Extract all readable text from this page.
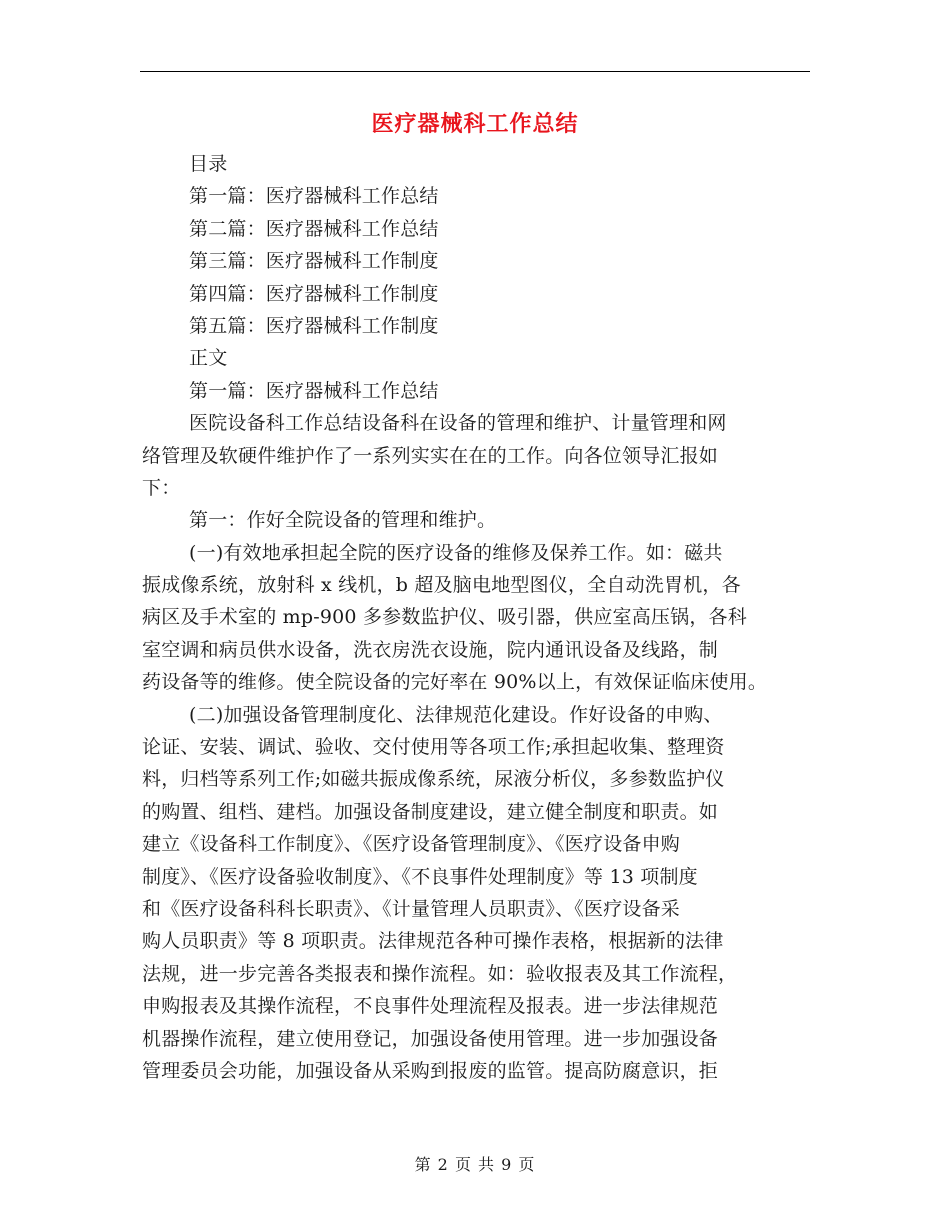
医疗器械科工作总结
目录
第一篇：医疗器械科工作总结
第二篇：医疗器械科工作总结
第三篇：医疗器械科工作制度
第四篇：医疗器械科工作制度
第五篇：医疗器械科工作制度
正文
第一篇：医疗器械科工作总结
医院设备科工作总结设备科在设备的管理和维护、计量管理和网
络管理及软硬件维护作了一系列实实在在的工作。向各位领导汇报如
下：
第一：作好全院设备的管理和维护。
(一)有效地承担起全院的医疗设备的维修及保养工作。如：磁共
振成像系统，放射科 x 线机，b 超及脑电地型图仪，全自动洗胃机，各
病区及手术室的 mp-900 多参数监护仪、吸引器，供应室高压锅，各科
室空调和病员供水设备，洗衣房洗衣设施，院内通讯设备及线路，制
药设备等的维修。使全院设备的完好率在 90%以上，有效保证临床使用。
(二)加强设备管理制度化、法律规范化建设。作好设备的申购、
论证、安装、调试、验收、交付使用等各项工作;承担起收集、整理资
料，归档等系列工作;如磁共振成像系统，尿液分析仪，多参数监护仪
的购置、组档、建档。加强设备制度建设，建立健全制度和职责。如
建立《设备科工作制度》、《医疗设备管理制度》、《医疗设备申购
制度》、《医疗设备验收制度》、《不良事件处理制度》等 13 项制度
和《医疗设备科科长职责》、《计量管理人员职责》、《医疗设备采
购人员职责》等 8 项职责。法律规范各种可操作表格，根据新的法律
法规，进一步完善各类报表和操作流程。如：验收报表及其工作流程，
申购报表及其操作流程，不良事件处理流程及报表。进一步法律规范
机器操作流程，建立使用登记，加强设备使用管理。进一步加强设备
管理委员会功能，加强设备从采购到报废的监管。提高防腐意识，拒
第 2 页 共 9 页
